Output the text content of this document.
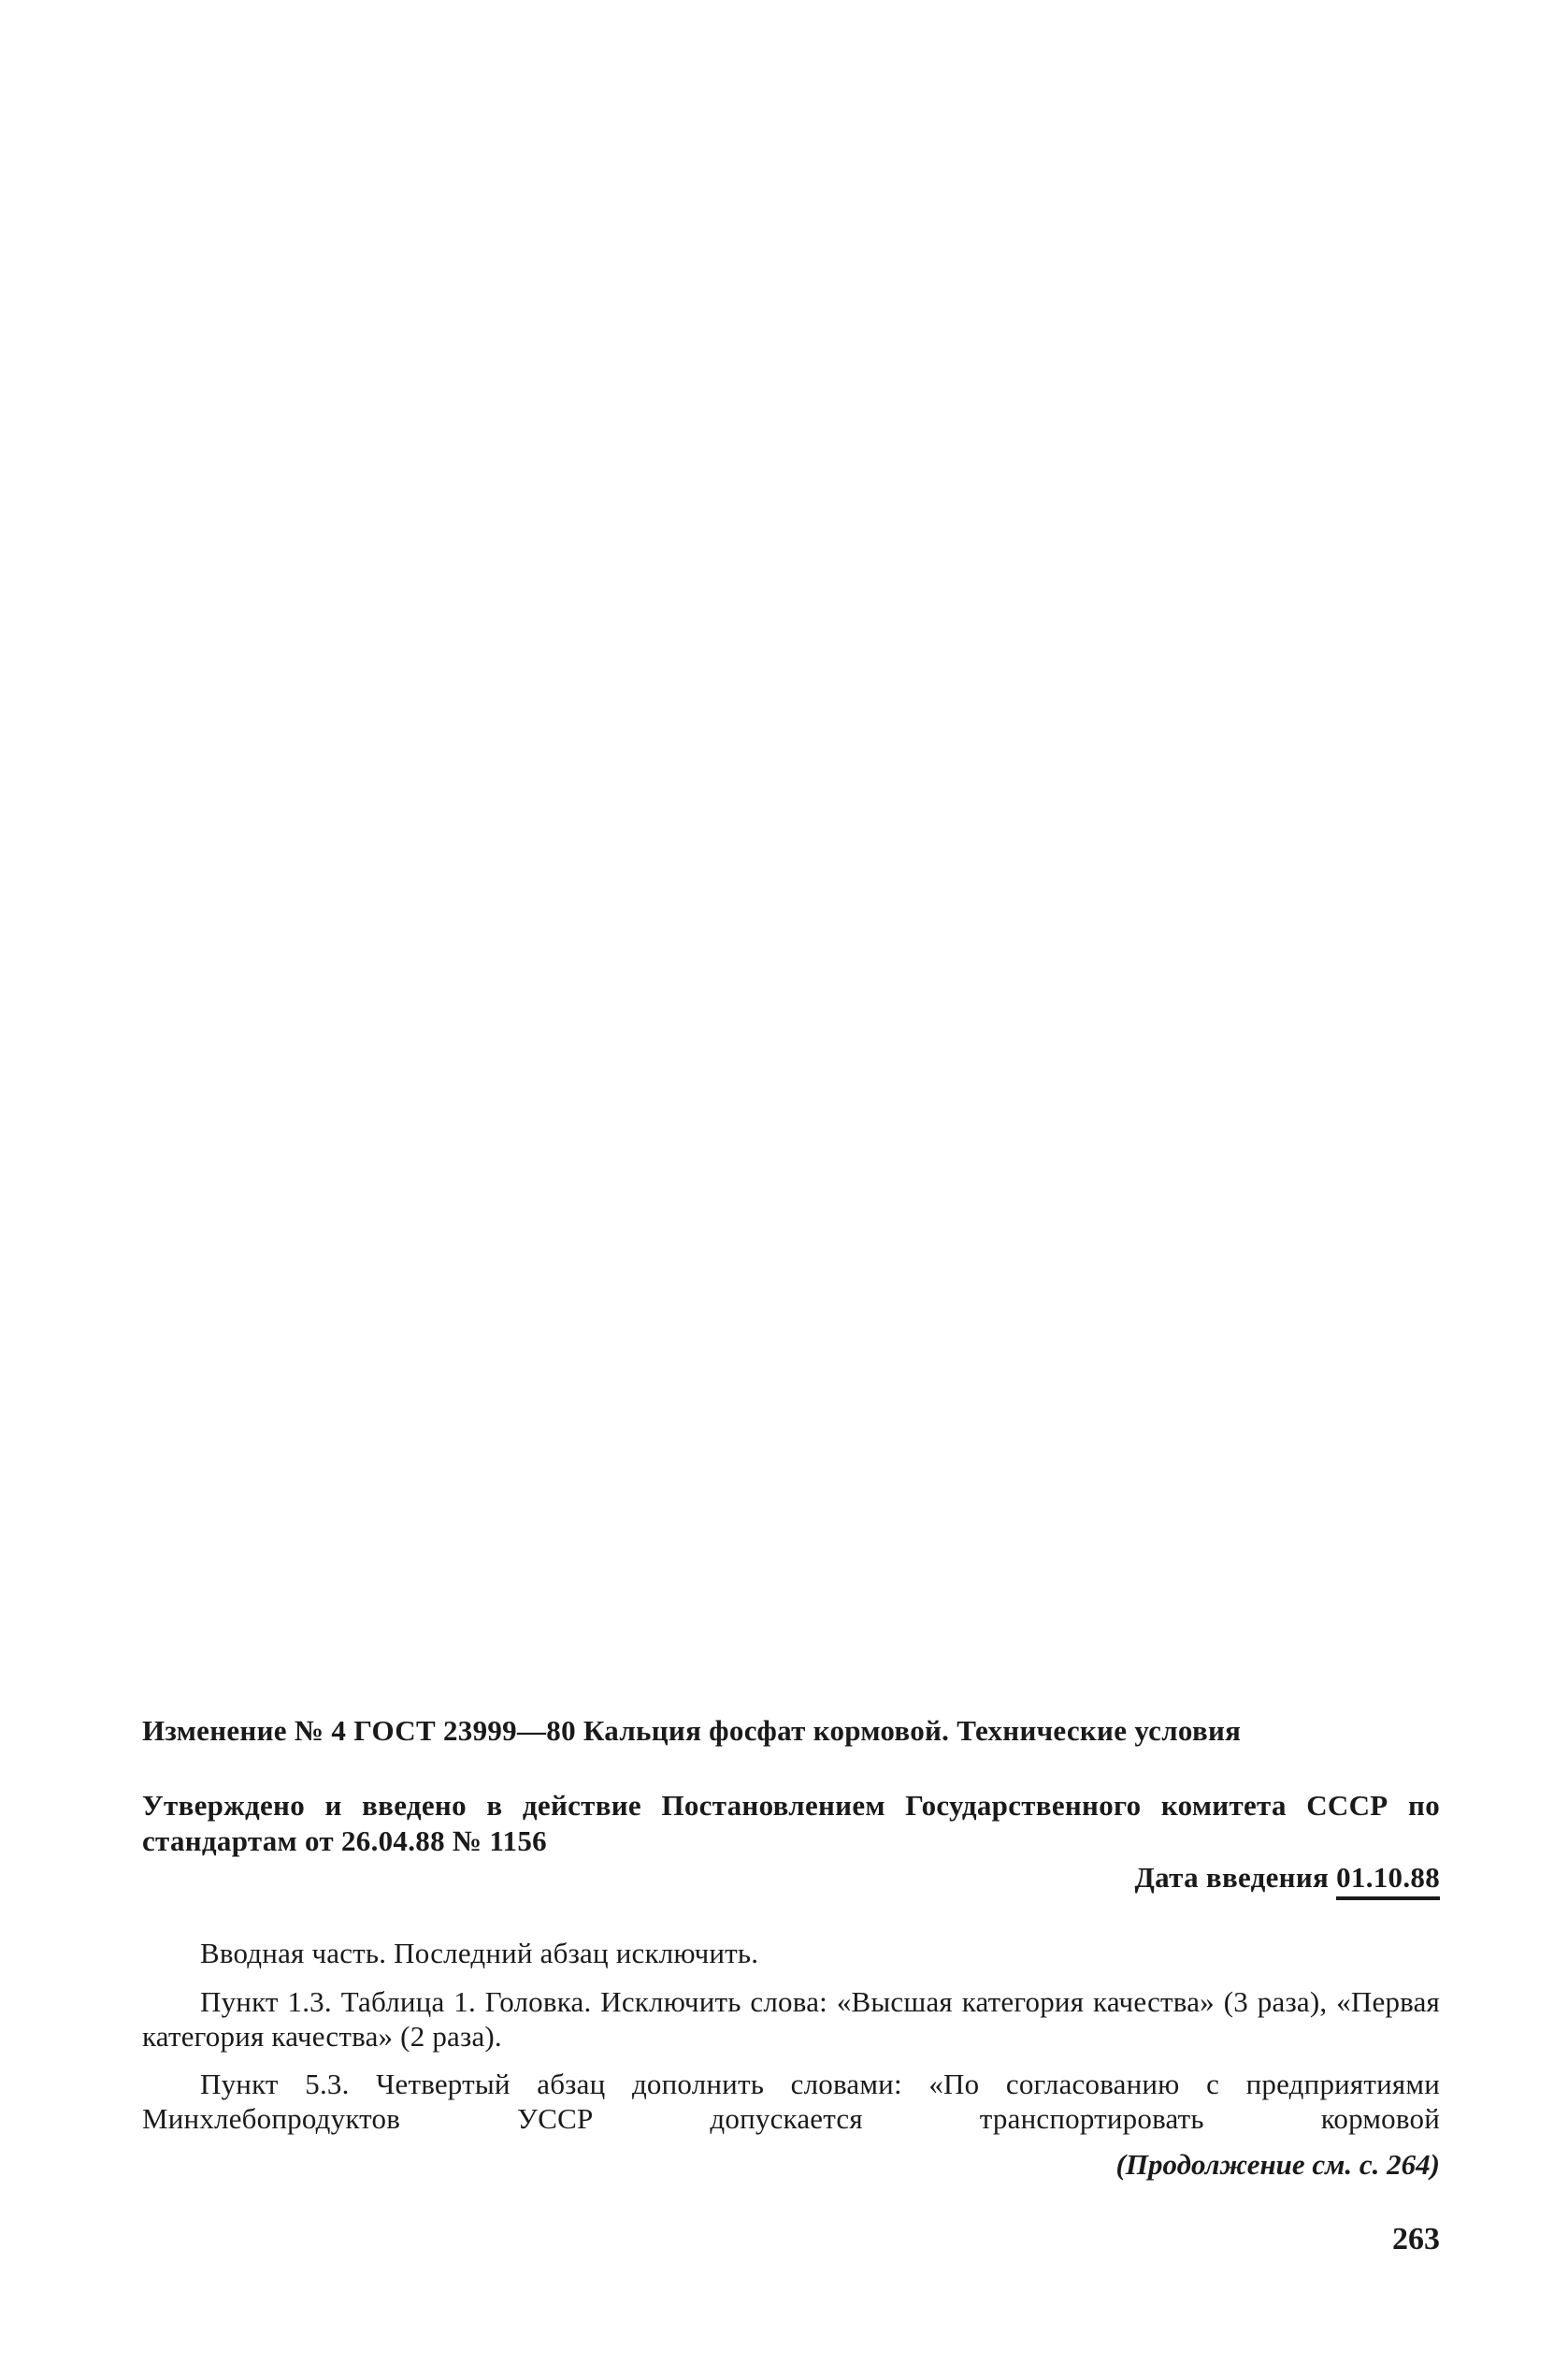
Изменение № 4 ГОСТ 23999—80 Кальция фосфат кормовой. Технические условия

Утверждено и введено в действие Постановлением Государственного комитета СССР по стандартам от 26.04.88 № 1156

Дата введения 01.10.88

Вводная часть. Последний абзац исключить.

Пункт 1.3. Таблица 1. Головка. Исключить слова: «Высшая категория качества» (3 раза), «Первая категория качества» (2 раза).

Пункт 5.3. Четвертый абзац дополнить словами: «По согласованию с предприятиями Минхлебопродуктов УССР допускается транспортировать кормовой

(Продолжение см. с. 264)
263
